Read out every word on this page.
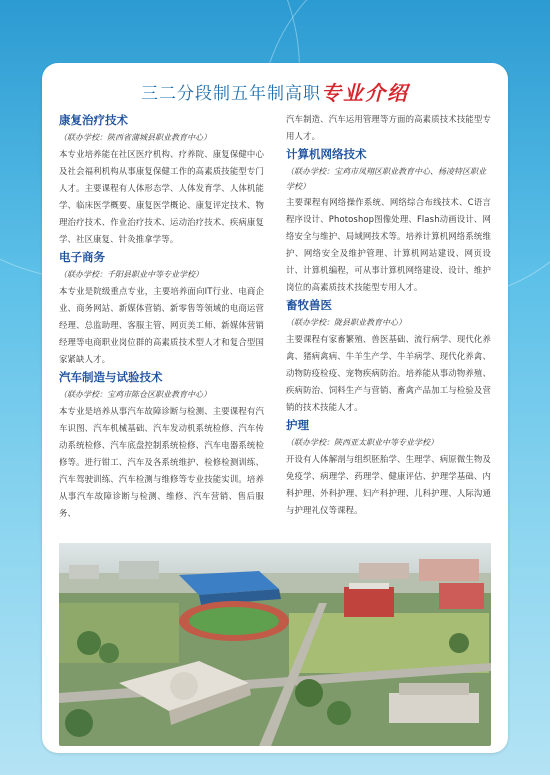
三二分段制五年制高职专业介绍
康复治疗技术
（联办学校：陕西省蒲城县职业教育中心）
本专业培养能在社区医疗机构、疗养院、康复保健中心及社会福利机构从事康复保健工作的高素质技能型专门人才。主要课程有人体形态学、人体发育学、人体机能学、临床医学概要、康复医学概论、康复评定技术、物理治疗技术、作业治疗技术、运动治疗技术、疾病康复学、社区康复、针灸推拿学等。
电子商务
（联办学校：千阳县职业中等专业学校）
本专业是院级重点专业，主要培养面向IT行业、电商企业、商务网站、新媒体营销、新零售等领域的电商运营经理、总监助理、客服主管、网页美工师、新媒体营销经理等电商职业岗位群的高素质技术型人才和复合型国家紧缺人才。
汽车制造与试验技术
（联办学校：宝鸡市陈仓区职业教育中心）
本专业是培养从事汽车故障诊断与检测、主要课程有汽车识图、汽车机械基础、汽车发动机系统检修、汽车传动系统检修、汽车底盘控制系统检修、汽车电器系统检修等。进行钳工、汽车及各系统维护、检修检测训练、汽车驾驶训练、汽车检测与维修等专业技能实训。培养从事汽车故障诊断与检测、维修、汽车营销、售后服务、
汽车制造、汽车运用管理等方面的高素质技术技能型专用人才。
计算机网络技术
（联办学校：宝鸡市凤翔区职业教育中心、杨凌特区职业学校）
主要课程有网络操作系统、网络综合布线技术、C语言程序设计、Photoshop图像处理、Flash动画设计、网络安全与维护、局域网技术等。培养计算机网络系统维护、网络安全及维护管理、计算机网站建设、网页设计、计算机编程，可从事计算机网络建设、设计、维护岗位的高素质技术技能型专用人才。
畜牧兽医
（联办学校：陇县职业教育中心）
主要课程有家畜繁殖、兽医基础、流行病学、现代化养禽、猪病禽病、牛羊生产学、牛羊病学、现代化养禽、动物防疫检疫、宠物疾病防治。培养能从事动物养殖、疾病防治、饲料生产与营销、畜禽产品加工与检验及营销的技术技能人才。
护理
（联办学校：陕西亚太职业中等专业学校）
开设有人体解剖与组织胚胎学、生理学、病原微生物及免疫学、病理学、药理学、健康评估、护理学基础、内科护理、外科护理、妇产科护理、儿科护理、人际沟通与护理礼仪等课程。
